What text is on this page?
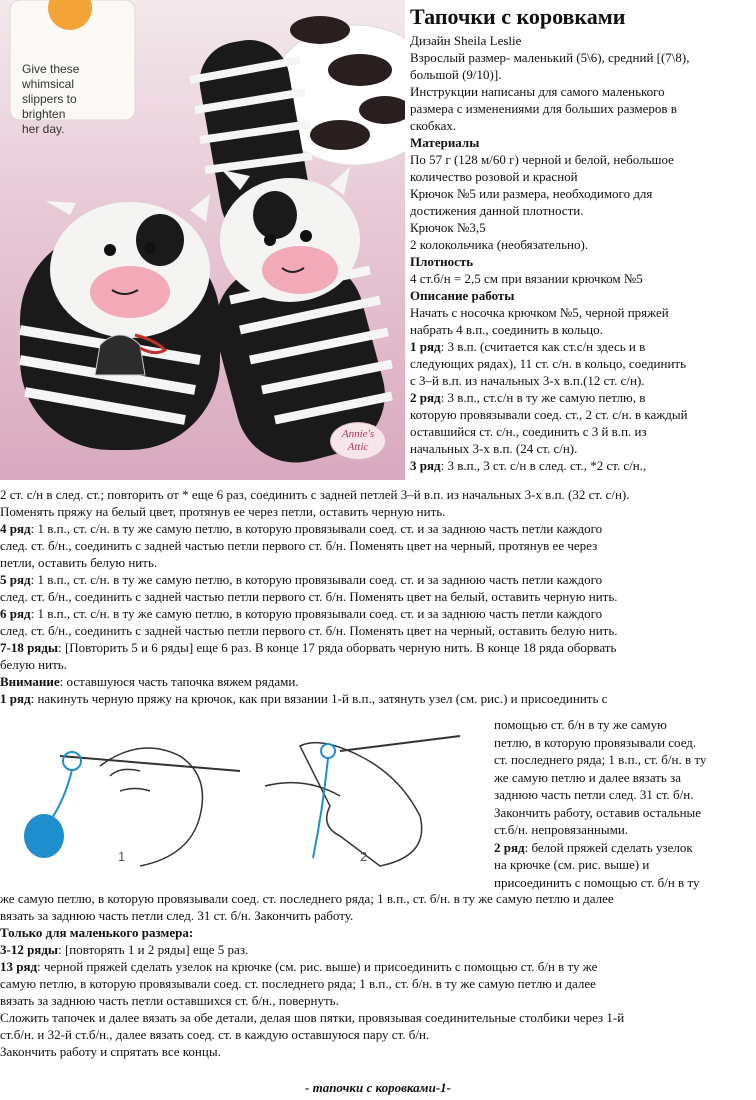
Give these
whimsical
slippers to
brighten
her day.
Annie's
Attic

Тапочки с коровками

Дизайн Sheila Leslie

Взрослый размер- маленький (5\6), средний [(7\8),

большой (9/10)].

Инструкции написаны для самого маленького

размера с изменениями для больших размеров в

скобках.

Материалы

По 57 г (128 м/60 г) черной и белой, небольшое

количество розовой и красной

Крючок №5 или размера, необходимого для

достижения данной плотности.

Крючок №3,5

2 колокольчика (необязательно).

Плотность

4 ст.б/н = 2,5 см при вязании крючком №5

Описание работы

Начать с носочка крючком №5, черной пряжей

набрать 4 в.п., соединить в кольцо.

1 ряд: 3 в.п. (считается как ст.с/н здесь и в

следующих рядах), 11 ст. с/н. в кольцо, соединить

с 3–й в.п. из начальных 3-х в.п.(12 ст. с/н).

2 ряд: 3 в.п., ст.с/н в ту же самую петлю, в

которую провязывали соед. ст., 2 ст. с/н. в каждый

оставшийся ст. с/н., соединить с 3 й в.п. из

начальных 3-х в.п. (24 ст. с/н).

3 ряд: 3 в.п., 3 ст. с/н в след. ст., *2 ст. с/н.,

2 ст. с/н в след. ст.; повторить от * еще 6 раз, соединить с задней петлей 3–й в.п. из начальных 3-х в.п. (32 ст. с/н).

Поменять пряжу на белый цвет, протянув ее через петли, оставить черную нить.

4 ряд: 1 в.п., ст. с/н. в ту же самую петлю, в которую провязывали соед. ст. и за заднюю часть петли каждого

след. ст. б/н., соединить с задней частью петли первого ст. б/н. Поменять цвет на черный, протянув ее через

петли, оставить белую нить.

5 ряд: 1 в.п., ст. с/н. в ту же самую петлю, в которую провязывали соед. ст. и за заднюю часть петли каждого

след. ст. б/н., соединить с задней частью петли первого ст. б/н. Поменять цвет на белый, оставить черную нить.

6 ряд: 1 в.п., ст. с/н. в ту же самую петлю, в которую провязывали соед. ст. и за заднюю часть петли каждого

след. ст. б/н., соединить с задней частью петли первого ст. б/н. Поменять цвет на черный, оставить белую нить.

7-18 ряды: [Повторить 5 и 6 ряды] еще 6 раз. В конце 17 ряда оборвать черную нить. В конце 18 ряда оборвать

белую нить.

Внимание: оставшуюся часть тапочка вяжем рядами.

1 ряд: накинуть черную пряжу на крючок, как при вязании 1-й в.п., затянуть узел (см. рис.) и присоединить с

1	2

помощью ст. б/н в ту же самую

петлю, в которую провязывали соед.

ст. последнего ряда; 1 в.п., ст. б/н. в ту

же самую петлю и далее вязать за

заднюю часть петли след. 31 ст. б/н.

Закончить работу, оставив остальные

ст.б/н. непровязанными.

2 ряд: белой пряжей сделать узелок

на крючке (см. рис. выше) и

присоединить с помощью ст. б/н в ту

же самую петлю, в которую провязывали соед. ст. последнего ряда; 1 в.п., ст. б/н. в ту же самую петлю и далее

вязать за заднюю часть петли след. 31 ст. б/н. Закончить работу.

Только для маленького размера:

3-12 ряды: [повторять 1 и 2 ряды] еще 5 раз.

13 ряд: черной пряжей сделать узелок на крючке (см. рис. выше) и присоединить с помощью ст. б/н в ту же

самую петлю, в которую провязывали соед. ст. последнего ряда; 1 в.п., ст. б/н. в ту же самую петлю и далее

вязать за заднюю часть петли оставшихся ст. б/н., повернуть.

Сложить тапочек и далее вязать за обе детали, делая шов пятки, провязывая соединительные столбики через 1-й

ст.б/н. и 32-й ст.б/н., далее вязать соед. ст. в каждую оставшуюся пару ст. б/н.

Закончить работу и спрятать все концы.

- тапочки с коровками-1-
